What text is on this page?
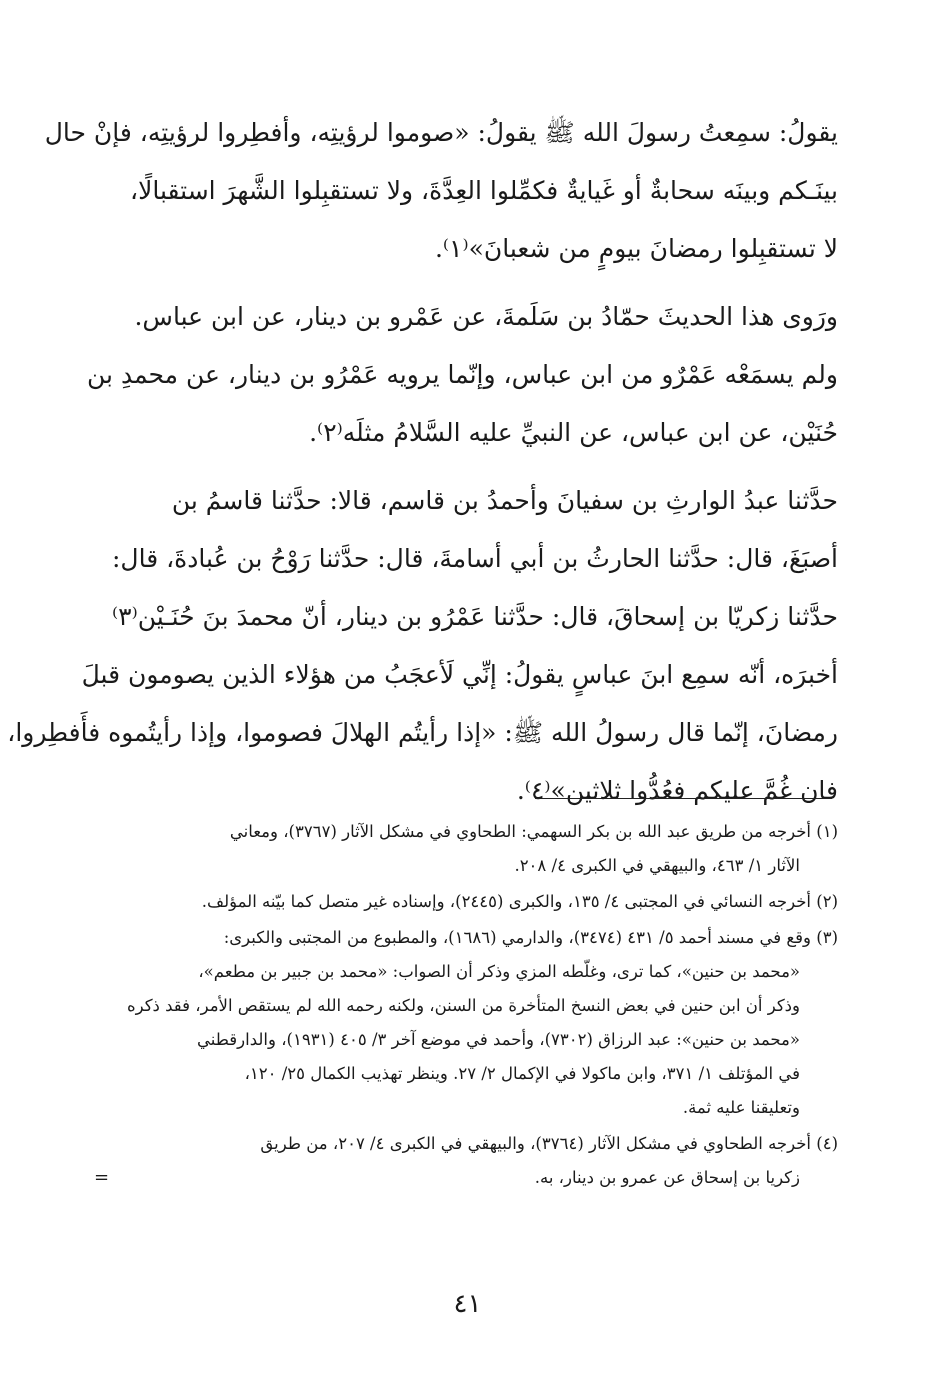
يقولُ: سمِعتُ رسولَ الله ﷺ يقولُ: «صوموا لرؤيتِه، وأفطِروا لرؤيتِه، فإنْ حال
بينَـكم وبينَه سحابةٌ أو غَيايةٌ فكمِّلوا العِدَّةَ، ولا تستقبِلوا الشَّهرَ استقبالًا،
لا تستقبِلوا رمضانَ بيومٍ من شعبانَ»⁽١⁾.

ورَوى هذا الحديثَ حمّادُ بن سَلَمةَ، عن عَمْرو بن دينار، عن ابن عباس.
ولم يسمَعْه عَمْرٌو من ابن عباس، وإنّما يرويه عَمْرُو بن دينار، عن محمدِ بن
حُنَيْن، عن ابن عباس، عن النبيِّ عليه السَّلامُ مثلَه⁽٢⁾.

حدَّثنا عبدُ الوارثِ بن سفيانَ وأحمدُ بن قاسم، قالا: حدَّثنا قاسمُ بن
أصبَغَ، قال: حدَّثنا الحارثُ بن أبي أسامةَ، قال: حدَّثنا رَوْحُ بن عُبادةَ، قال:
حدَّثنا زكريّا بن إسحاقَ، قال: حدَّثنا عَمْرُو بن دينار، أنّ محمدَ بنَ حُنَـيْن⁽٣⁾
أخبرَه، أنّه سمِع ابنَ عباسٍ يقولُ: إنِّي لَأعجَبُ من هؤلاء الذين يصومون قبلَ
رمضانَ، إنّما قال رسولُ الله ﷺ: «إذا رأيتُم الهلالَ فصوموا، وإذا رأيتُموه فأَفطِروا،
فان غُمَّ عليكم فعُدُّوا ثلاثين»⁽٤⁾.

(١) أخرجه من طريق عبد الله بن بكر السهمي: الطحاوي في مشكل الآثار (٣٧٦٧)، ومعاني
الآثار ١/ ٤٦٣، والبيهقي في الكبرى ٤/ ٢٠٨.
(٢) أخرجه النسائي في المجتبى ٤/ ١٣٥، والكبرى (٢٤٤٥)، وإسناده غير متصل كما بيّنه المؤلف.
(٣) وقع في مسند أحمد ٥/ ٤٣١ (٣٤٧٤)، والدارمي (١٦٨٦)، والمطبوع من المجتبى والكبرى:
«محمد بن حنين»، كما ترى، وغلّطه المزي وذكر أن الصواب: «محمد بن جبير بن مطعم»،
وذكر أن ابن حنين في بعض النسخ المتأخرة من السنن، ولكنه رحمه الله لم يستقص الأمر، فقد ذكره
«محمد بن حنين»: عبد الرزاق (٧٣٠٢)، وأحمد في موضع آخر ٣/ ٤٠٥ (١٩٣١)، والدارقطني
في المؤتلف ١/ ٣٧١، وابن ماكولا في الإكمال ٢/ ٢٧. وينظر تهذيب الكمال ٢٥/ ١٢٠،
وتعليقنا عليه ثمة.
(٤) أخرجه الطحاوي في مشكل الآثار (٣٧٦٤)، والبيهقي في الكبرى ٤/ ٢٠٧، من طريق
زكريا بن إسحاق عن عمرو بن دينار، به.
=
٤١
